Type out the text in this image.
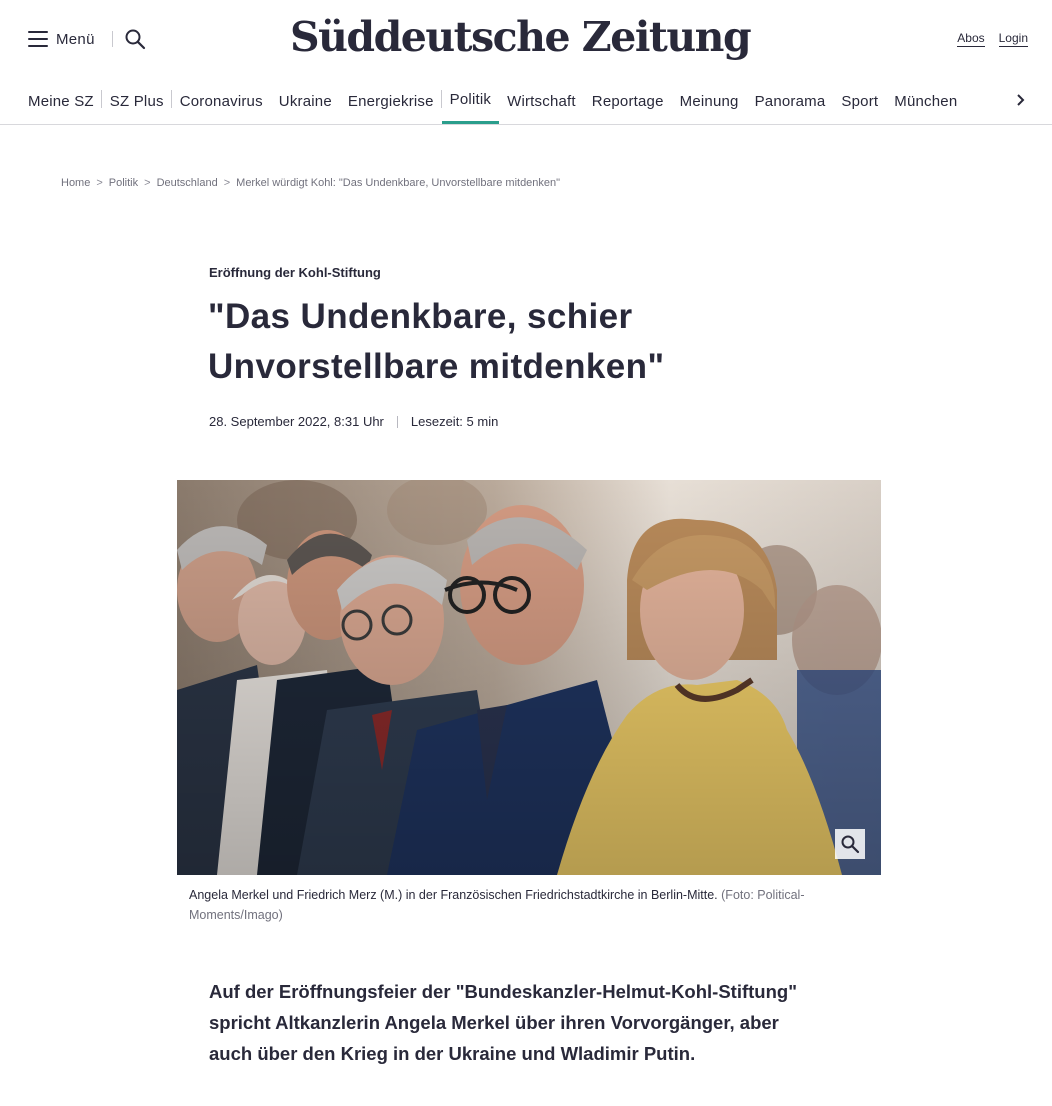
Menü	Süddeutsche Zeitung	Abos Login
Meine SZ	SZ Plus	Coronavirus	Ukraine	Energiekrise	Politik	Wirtschaft	Reportage	Meinung	Panorama	Sport	München
Home > Politik > Deutschland > Merkel würdigt Kohl: "Das Undenkbare, Unvorstellbare mitdenken"
Eröffnung der Kohl-Stiftung
"Das Undenkbare, schier Unvorstellbare mitdenken"
28. September 2022, 8:31 Uhr Lesezeit: 5 min
Angela Merkel und Friedrich Merz (M.) in der Französischen Friedrichstadtkirche in Berlin-Mitte. (Foto: Political-Moments/Imago)

Auf der Eröffnungsfeier der "Bundeskanzler-Helmut-Kohl-Stiftung" spricht Altkanzlerin Angela Merkel über ihren Vorvorgänger, aber auch über den Krieg in der Ukraine und Wladimir Putin.
